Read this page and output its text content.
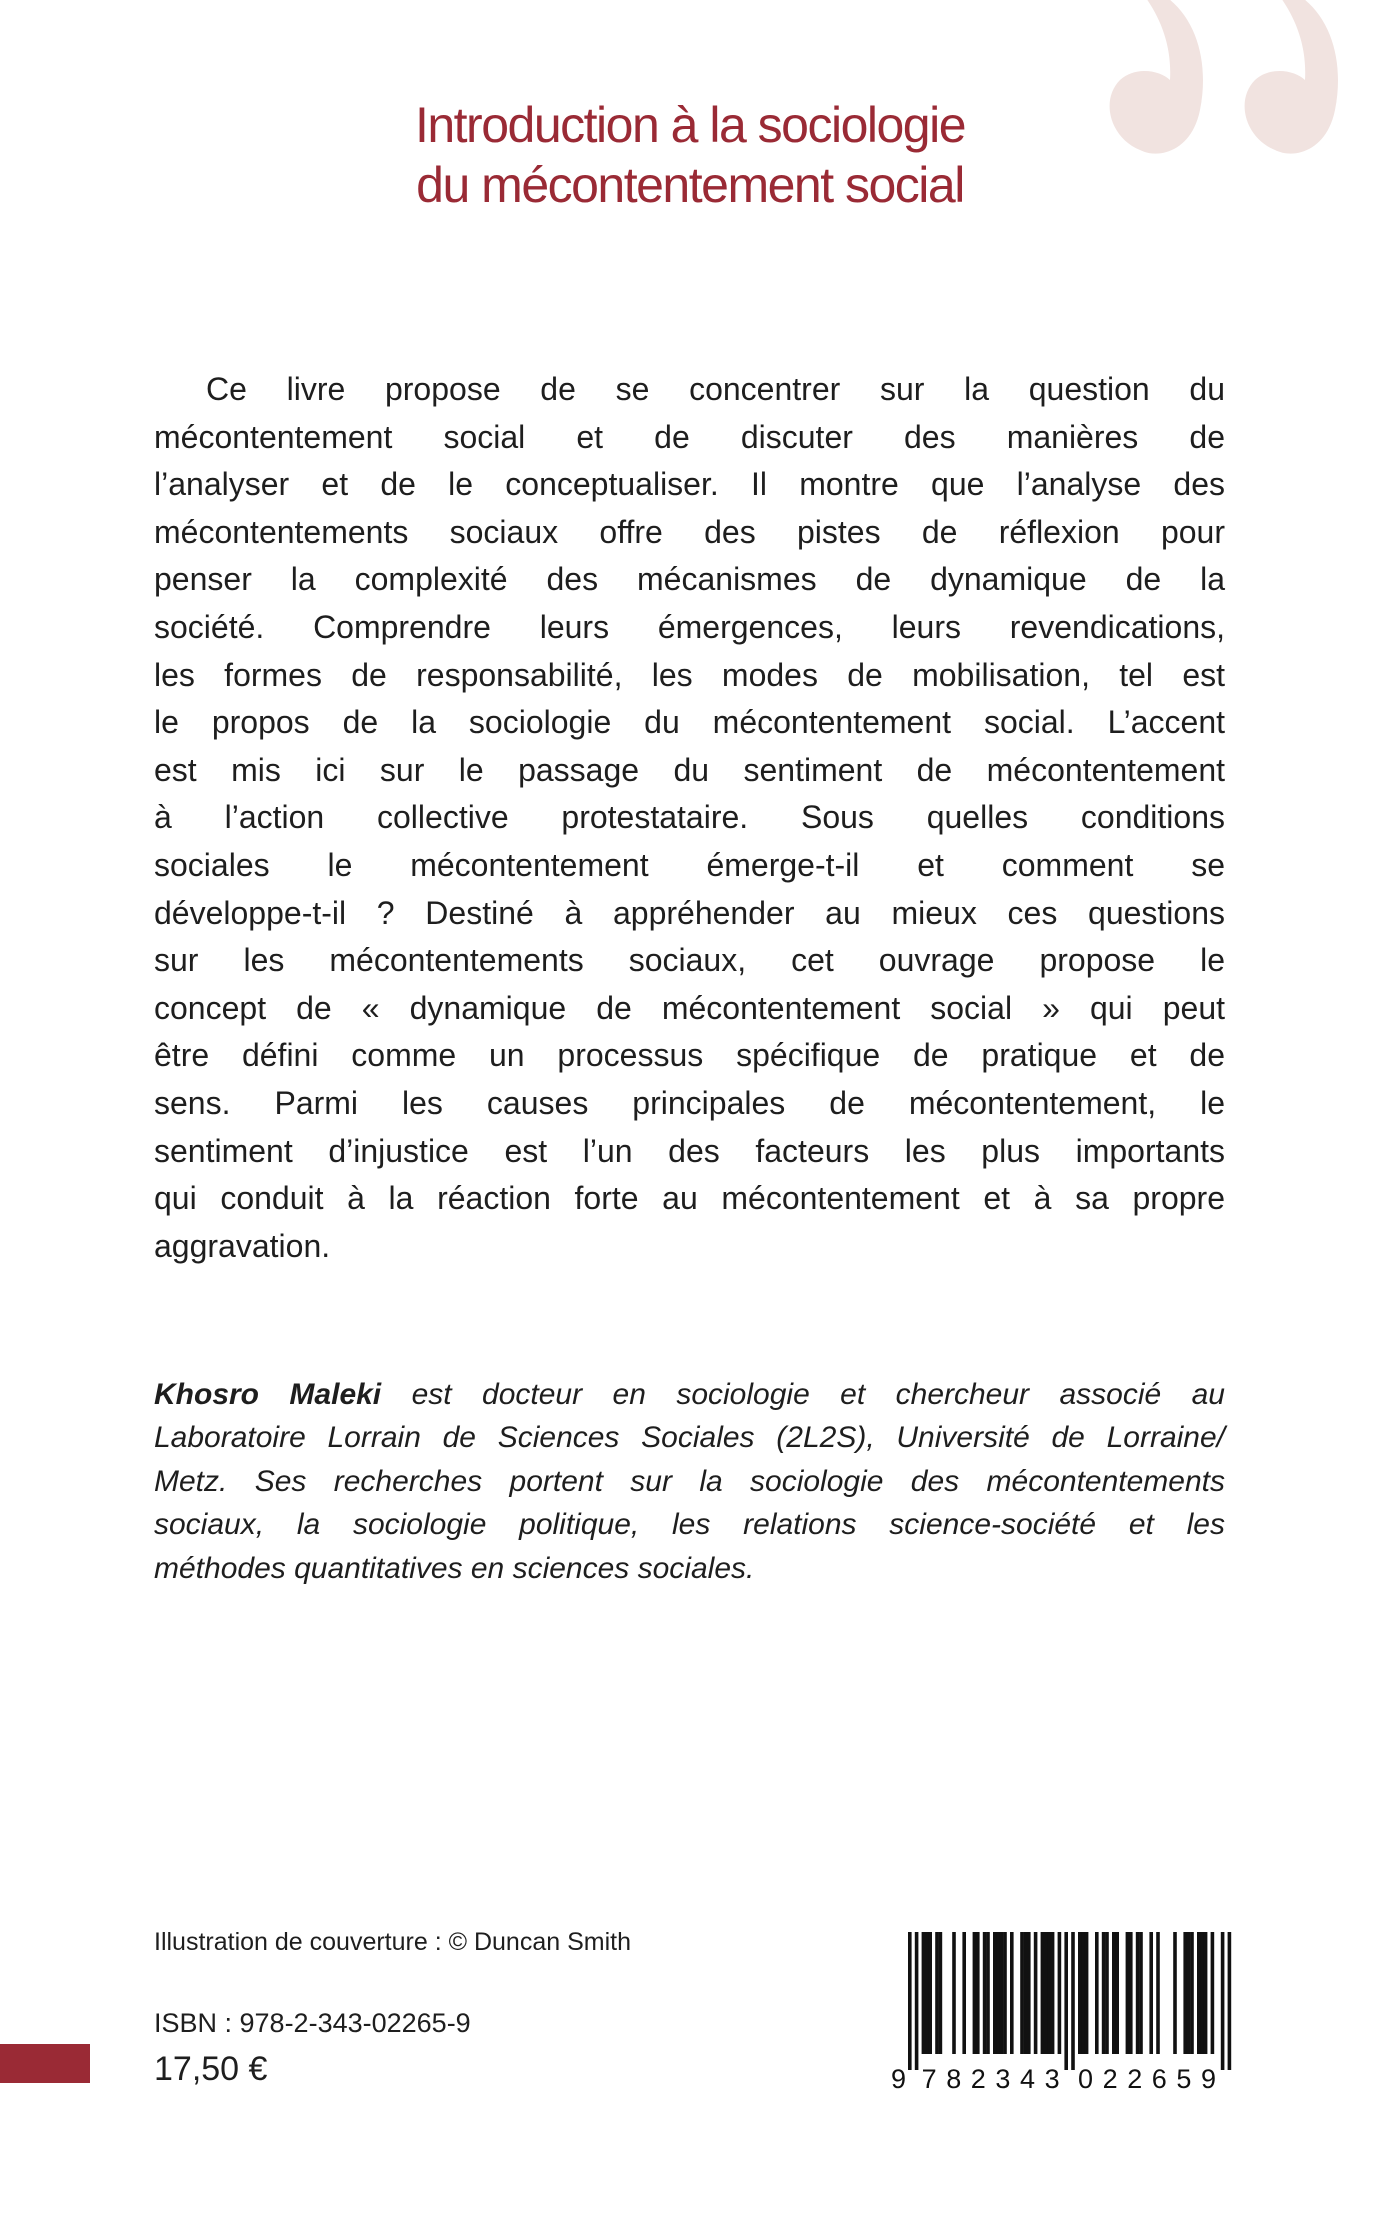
Introduction à la sociologie
du mécontentement social
Ce livre propose de se concentrer sur la question du
mécontentement social et de discuter des manières de
l’analyser et de le conceptualiser. Il montre que l’analyse des
mécontentements sociaux offre des pistes de réflexion pour
penser la complexité des mécanismes de dynamique de la
société. Comprendre leurs émergences, leurs revendications,
les formes de responsabilité, les modes de mobilisation, tel est
le propos de la sociologie du mécontentement social. L’accent
est mis ici sur le passage du sentiment de mécontentement
à l’action collective protestataire. Sous quelles conditions
sociales le mécontentement émerge-t-il et comment se
développe-t-il ? Destiné à appréhender au mieux ces questions
sur les mécontentements sociaux, cet ouvrage propose le
concept de « dynamique de mécontentement social » qui peut
être défini comme un processus spécifique de pratique et de
sens. Parmi les causes principales de mécontentement, le
sentiment d’injustice est l’un des facteurs les plus importants
qui conduit à la réaction forte au mécontentement et à sa propre
aggravation.
Khosro Maleki est docteur en sociologie et chercheur associé au
Laboratoire Lorrain de Sciences Sociales (2L2S), Université de Lorraine/
Metz. Ses recherches portent sur la sociologie des mécontentements
sociaux, la sociologie politique, les relations science-société et les
méthodes quantitatives en sciences sociales.
Illustration de couverture : © Duncan Smith
ISBN : 978-2-343-02265-9
17,50 €	9 782343 022659
